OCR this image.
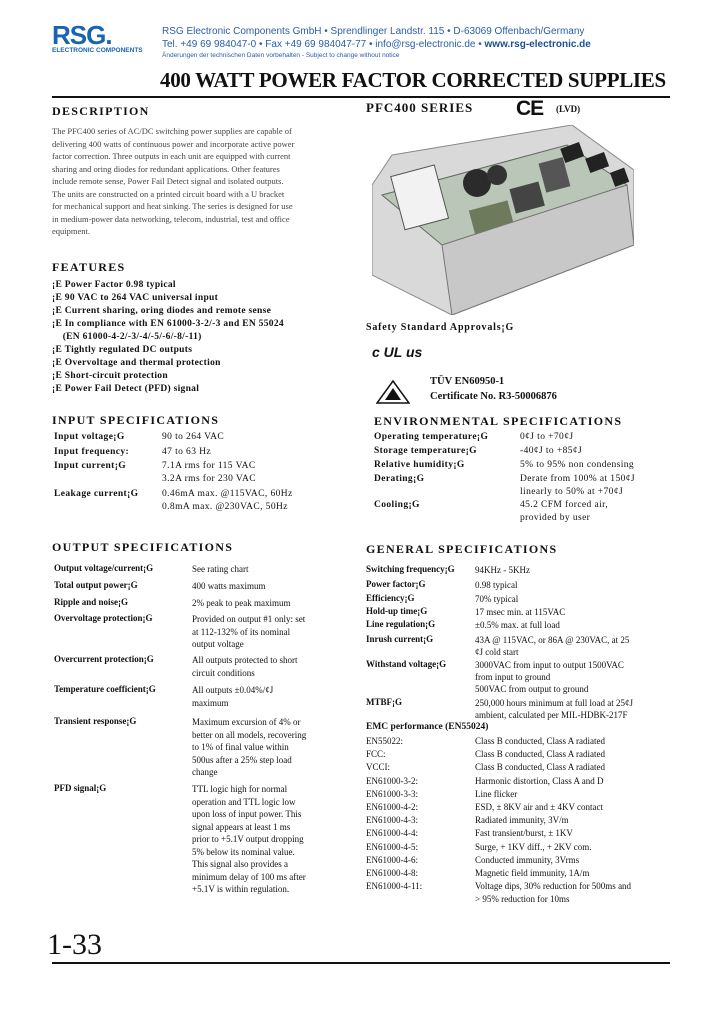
RSG.
ELECTRONIC COMPONENTS
RSG Electronic Components GmbH • Sprendlinger Landstr. 115 • D-63069 Offenbach/Germany
Tel. +49 69 984047-0 • Fax +49 69 984047-77 • info@rsg-electronic.de • www.rsg-electronic.de
Änderungen der technischen Daten vorbehalten - Subject to change without notice
400 WATT POWER FACTOR CORRECTED SUPPLIES
DESCRIPTION
The PFC400 series of AC/DC switching power supplies are capable of
delivering 400 watts of continuous power and incorporate active power
factor correction. Three outputs in each unit are equipped with current
sharing and oring diodes for redundant applications. Other features
include remote sense, Power Fail Detect signal and isolated outputs.
The units are constructed on a printed circuit board with a U bracket
for mechanical support and heat sinking. The series is designed for use
in medium-power data networking, telecom, industrial, test and office
equipment.
PFC400 SERIES CE (LVD)
FEATURES
¡E Power Factor 0.98 typical
¡E 90 VAC to 264 VAC universal input
¡E Current sharing, oring diodes and remote sense
¡E In compliance with EN 61000-3-2/-3 and EN 55024
(EN 61000-4-2/-3/-4/-5/-6/-8/-11)
¡E Tightly regulated DC outputs
¡E Overvoltage and thermal protection
¡E Short-circuit protection
¡E Power Fail Detect (PFD) signal
Safety Standard Approvals¡G
c UL us
TÜV EN60950-1
Certificate No. R3-50006876
INPUT SPECIFICATIONS
Input voltage¡G	90 to 264 VAC
Input frequency:	47 to 63 Hz
Input current¡G	7.1A rms for 115 VAC
3.2A rms for 230 VAC
Leakage current¡G 0.46mA max. @115VAC, 60Hz
0.8mA max. @230VAC, 50Hz
ENVIRONMENTAL SPECIFICATIONS
Operating temperature¡G	0¢J to +70¢J
Storage temperature¡G	-40¢J to +85¢J
Relative humidity¡G	5% to 95% non condensing
Derating¡G	Derate from 100% at 150¢J
linearly to 50% at +70¢J
Cooling¡G	45.2 CFM forced air,
provided by user
OUTPUT SPECIFICATIONS
Output voltage/current¡G	See rating chart
Total output power¡G	400 watts maximum
Ripple and noise¡G	2% peak to peak maximum
Overvoltage protection¡G	Provided on output #1 only: set
at 112-132% of its nominal
output voltage
Overcurrent protection¡G	All outputs protected to short
circuit conditions
Temperature coefficient¡G	All outputs ±0.04%/¢J
maximum
Transient response¡G	Maximum excursion of 4% or
better on all models, recovering
to 1% of final value within
500us after a 25% step load
change
PFD signal¡G	TTL logic high for normal
operation and TTL logic low
upon loss of input power. This
signal appears at least 1 ms
prior to +5.1V output dropping
5% below its nominal value.
This signal also provides a
minimum delay of 100 ms after
+5.1V is within regulation.
GENERAL SPECIFICATIONS
Switching frequency¡G 94KHz - 5KHz
Power factor¡G	0.98 typical
Efficiency¡G	70% typical
Hold-up time¡G	17 msec min. at 115VAC
Line regulation¡G	±0.5% max. at full load
Inrush current¡G	43A @ 115VAC, or 86A @ 230VAC, at 25
¢J cold start
Withstand voltage¡G	3000VAC from input to output 1500VAC
from input to ground
500VAC from output to ground
MTBF¡G	250,000 hours minimum at full load at 25¢J
ambient, calculated per MIL-HDBK-217F
EMC performance (EN55024)
EN55022:	Class B conducted, Class A radiated
FCC:	Class B conducted, Class A radiated
VCCI:	Class B conducted, Class A radiated
EN61000-3-2:	Harmonic distortion, Class A and D
EN61000-3-3:	Line flicker
EN61000-4-2:	ESD, ± 8KV air and ± 4KV contact
EN61000-4-3:	Radiated immunity, 3V/m
EN61000-4-4:	Fast transient/burst, ± 1KV
EN61000-4-5:	Surge, + 1KV diff., + 2KV com.
EN61000-4-6:	Conducted immunity, 3Vrms
EN61000-4-8:	Magnetic field immunity, 1A/m
EN61000-4-11:	Voltage dips, 30% reduction for 500ms and
> 95% reduction for 10ms
1-33
